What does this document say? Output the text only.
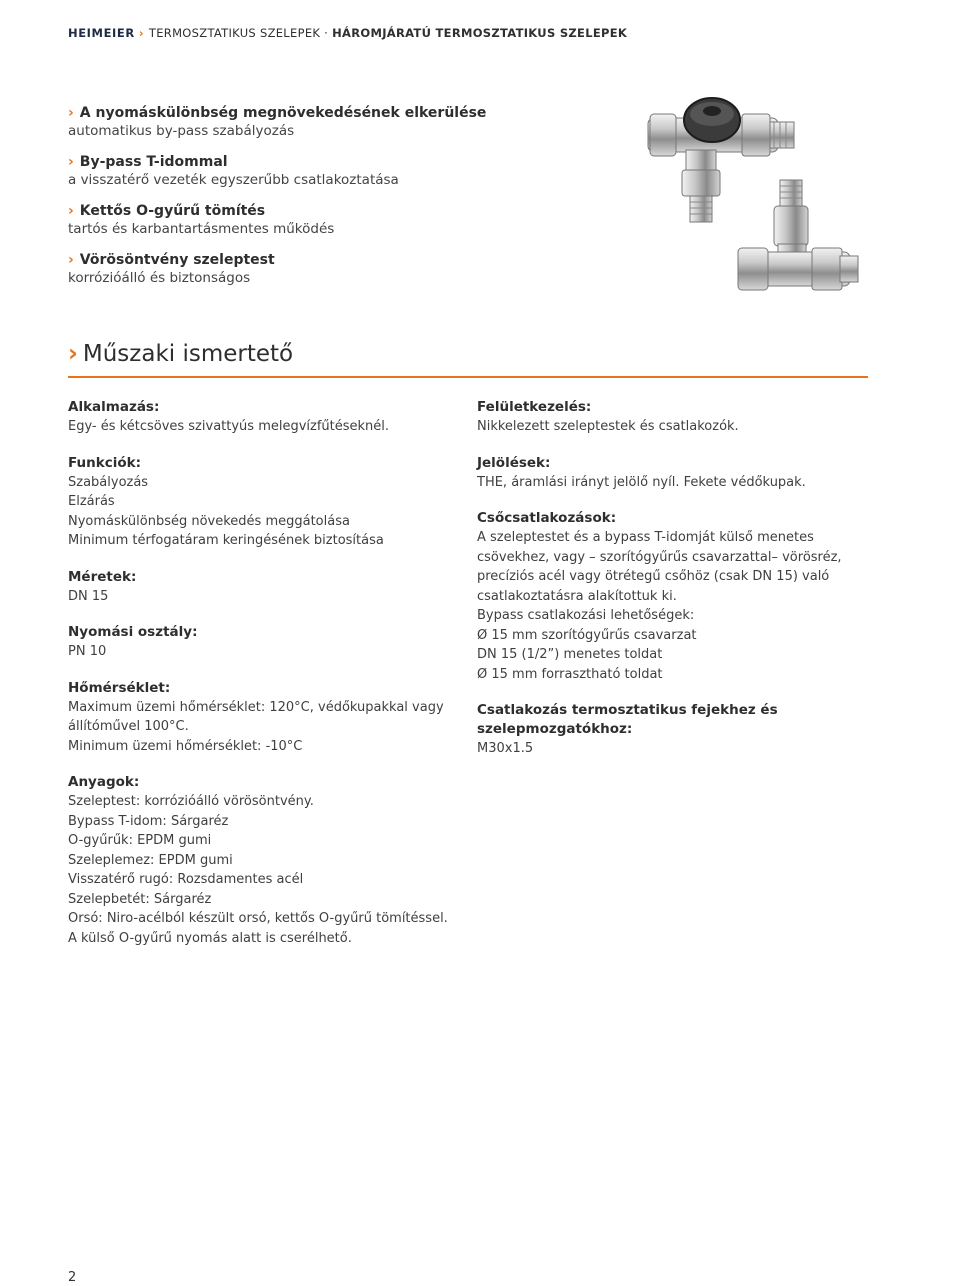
HEIMEIER › TERMOSZTATIKUS SZELEPEK · HÁROMJÁRATÚ TERMOSZTATIKUS SZELEPEK
› A nyomáskülönbség megnövekedésének elkerülése
automatikus by-pass szabályozás
› By-pass T-idommal
a visszatérő vezeték egyszerűbb csatlakoztatása
› Kettős O-gyűrű tömítés
tartós és karbantartásmentes működés
› Vörösöntvény szeleptest
korrózióálló és biztonságos
› Műszaki ismertető
Alkalmazás:
Egy- és kétcsöves szivattyús melegvízfűtéseknél.
Funkciók:
Szabályozás
Elzárás
Nyomáskülönbség növekedés meggátolása
Minimum térfogatáram keringésének biztosítása
Méretek:
DN 15
Nyomási osztály:
PN 10
Hőmérséklet:
Maximum üzemi hőmérséklet: 120°C, védőkupakkal vagy
állítóművel 100°C.
Minimum üzemi hőmérséklet: -10°C
Anyagok:
Szeleptest: korrózióálló vörösöntvény.
Bypass T-idom: Sárgaréz
O-gyűrűk: EPDM gumi
Szeleplemez: EPDM gumi
Visszatérő rugó: Rozsdamentes acél
Szelepbetét: Sárgaréz
Orsó: Niro-acélból készült orsó, kettős O-gyűrű tömítéssel.
A külső O-gyűrű nyomás alatt is cserélhető.
Felületkezelés:
Nikkelezett szeleptestek és csatlakozók.
Jelölések:
THE, áramlási irányt jelölő nyíl. Fekete védőkupak.
Csőcsatlakozások:
A szeleptestet és a bypass T-idomját külső menetes
csövekhez, vagy – szorítógyűrűs csavarzattal– vörösréz,
precíziós acél vagy ötrétegű csőhöz (csak DN 15) való
csatlakoztatásra alakítottuk ki.
Bypass csatlakozási lehetőségek:
Ø 15 mm szorítógyűrűs csavarzat
DN 15 (1/2”) menetes toldat
Ø 15 mm forrasztható toldat
Csatlakozás termosztatikus fejekhez és szelepmozgatókhoz:
M30x1.5
2
